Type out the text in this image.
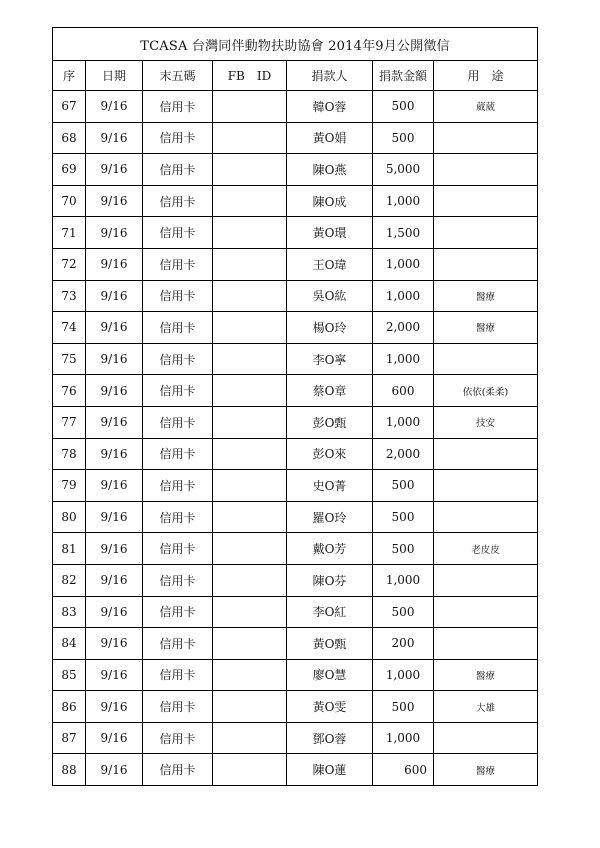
TCASA 台灣同伴動物扶助協會 2014年9月公開徵信						
序	日期	末五碼	FB　ID	捐款人	捐款金額	用　途
67	9/16	信用卡		韓O蓉	500	葳葳
68	9/16	信用卡		黃O娟	500	
69	9/16	信用卡		陳O燕	5,000	
70	9/16	信用卡		陳O成	1,000	
71	9/16	信用卡		黃O環	1,500	
72	9/16	信用卡		王O瑋	1,000	
73	9/16	信用卡		吳O紘	1,000	醫療
74	9/16	信用卡		楊O玲	2,000	醫療
75	9/16	信用卡		李O寧	1,000	
76	9/16	信用卡		蔡O章	600	依依(柔柔)
77	9/16	信用卡		彭O甄	1,000	技安
78	9/16	信用卡		彭O來	2,000	
79	9/16	信用卡		史O菁	500	
80	9/16	信用卡		羅O玲	500	
81	9/16	信用卡		戴O芳	500	老皮皮
82	9/16	信用卡		陳O芬	1,000	
83	9/16	信用卡		李O紅	500	
84	9/16	信用卡		黃O甄	200	
85	9/16	信用卡		廖O慧	1,000	醫療
86	9/16	信用卡		黃O雯	500	大雄
87	9/16	信用卡		鄧O蓉	1,000	
88	9/16	信用卡		陳O蓮	600	醫療
